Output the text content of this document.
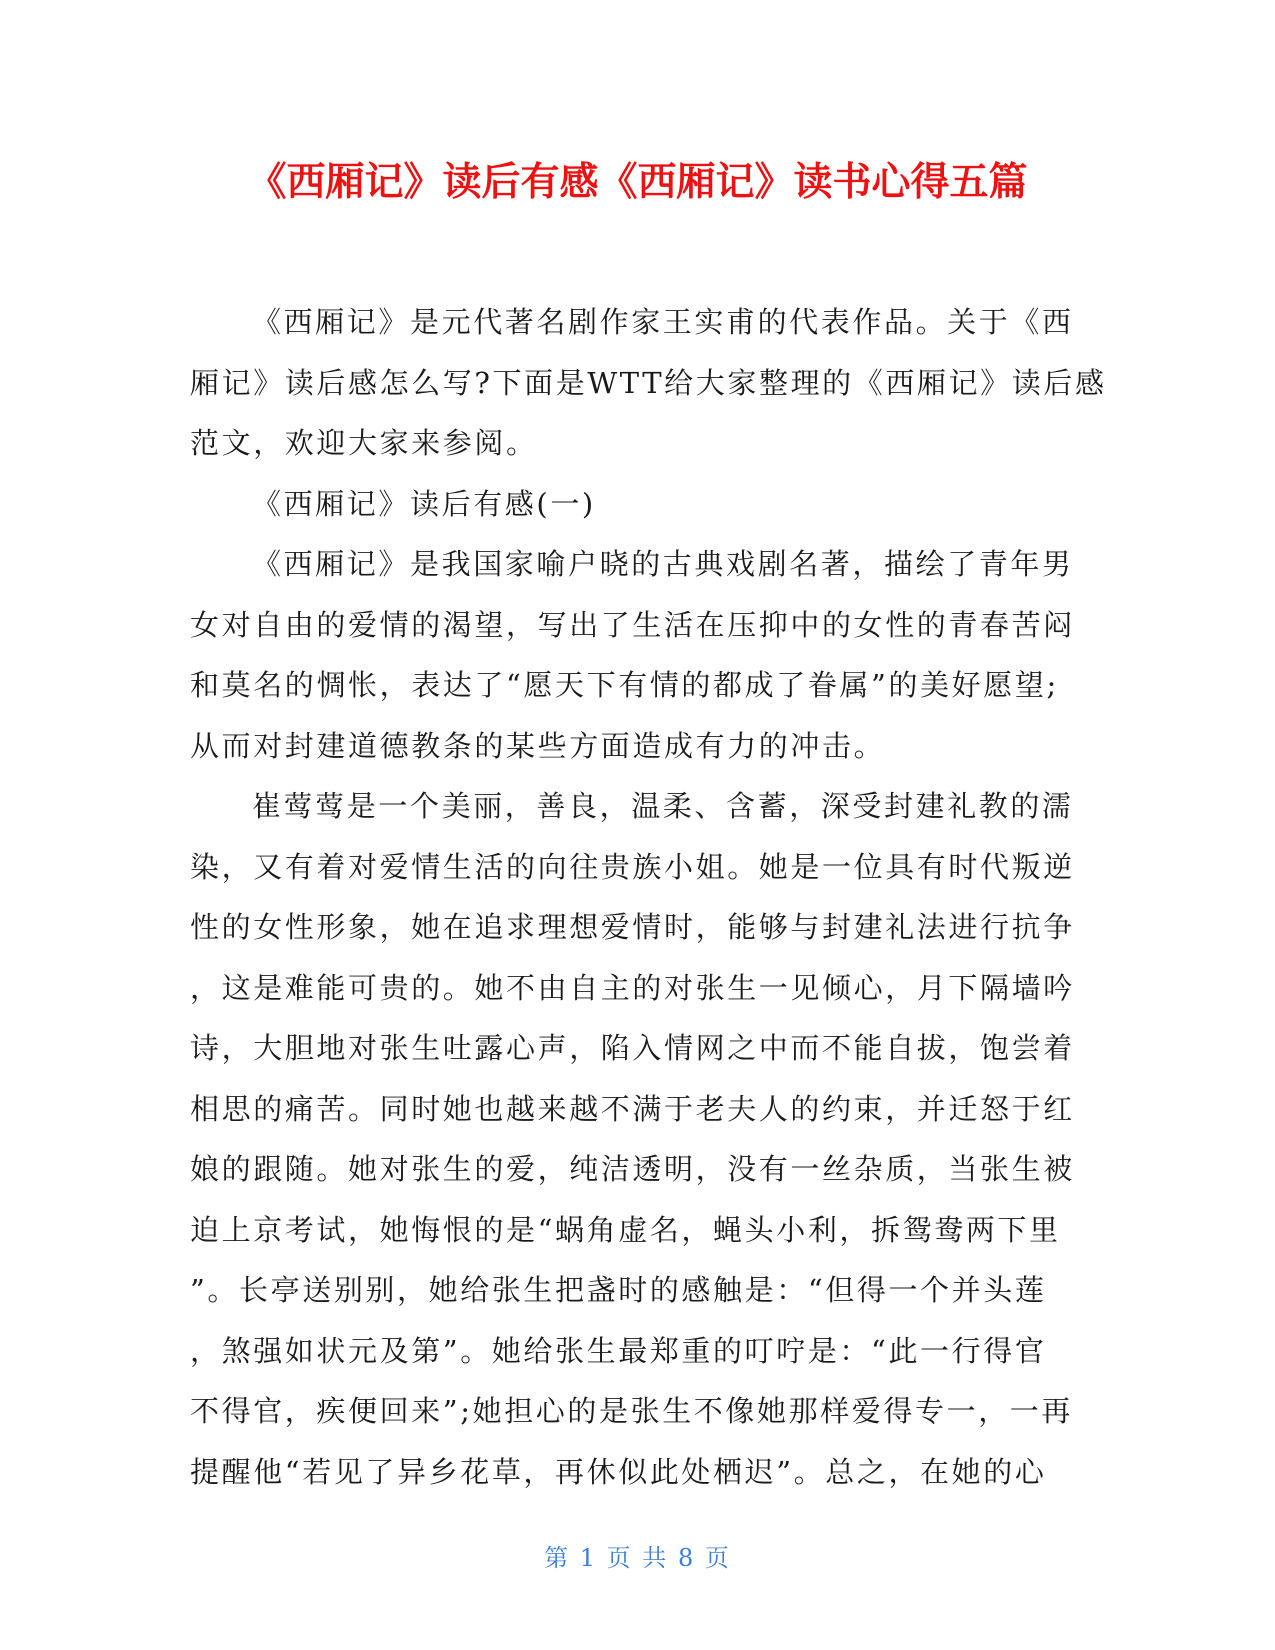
《西厢记》读后有感《西厢记》读书心得五篇
《西厢记》是元代著名剧作家王实甫的代表作品。关于《西
厢记》读后感怎么写?下面是WTT给大家整理的《西厢记》读后感
范文，欢迎大家来参阅。
《西厢记》读后有感(一)
《西厢记》是我国家喻户晓的古典戏剧名著，描绘了青年男
女对自由的爱情的渴望，写出了生活在压抑中的女性的青春苦闷
和莫名的惆怅，表达了“愿天下有情的都成了眷属”的美好愿望;
从而对封建道德教条的某些方面造成有力的冲击。
崔莺莺是一个美丽，善良，温柔、含蓄，深受封建礼教的濡
染，又有着对爱情生活的向往贵族小姐。她是一位具有时代叛逆
性的女性形象，她在追求理想爱情时，能够与封建礼法进行抗争
，这是难能可贵的。她不由自主的对张生一见倾心，月下隔墙吟
诗，大胆地对张生吐露心声，陷入情网之中而不能自拔，饱尝着
相思的痛苦。同时她也越来越不满于老夫人的约束，并迁怒于红
娘的跟随。她对张生的爱，纯洁透明，没有一丝杂质，当张生被
迫上京考试，她悔恨的是“蜗角虚名，蝇头小利，拆鸳鸯两下里
”。长亭送别别，她给张生把盏时的感触是：“但得一个并头莲
，煞强如状元及第”。她给张生最郑重的叮咛是：“此一行得官
不得官，疾便回来”;她担心的是张生不像她那样爱得专一，一再
提醒他“若见了异乡花草，再休似此处栖迟”。总之，在她的心
第 1 页 共 8 页
